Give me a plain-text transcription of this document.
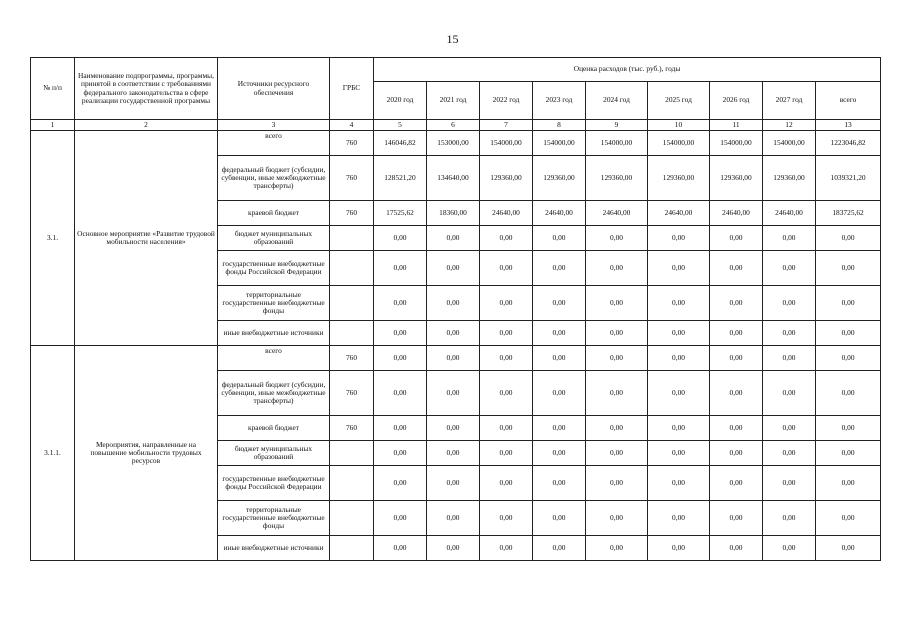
15
№ п/п	Наименование подпрограммы, программы, принятой в соответствии с требованиями федерального законодательства в сфере реализации государственной программы	Источники ресурсного обеспечения	ГРБС	Оценка расходов (тыс. руб.), годы								
				2020 год	2021 год	2022 год	2023 год	2024 год	2025 год	2026 год	2027 год	всего
1	2	3	4	5	6	7	8	9	10	11	12	13
3.1.	Основное мероприятие «Развитие трудовой мобильности населения»	всего	760	146046,82	153000,00	154000,00	154000,00	154000,00	154000,00	154000,00	154000,00	1223046,82
		федеральный бюджет (субсидии, субвенции, иные межбюджетные трансферты)	760	128521,20	134640,00	129360,00	129360,00	129360,00	129360,00	129360,00	129360,00	1039321,20
		краевой бюджет	760	17525,62	18360,00	24640,00	24640,00	24640,00	24640,00	24640,00	24640,00	183725,62
		бюджет муниципальных образований		0,00	0,00	0,00	0,00	0,00	0,00	0,00	0,00	0,00
		государственные внебюджетные фонды Российской Федерации		0,00	0,00	0,00	0,00	0,00	0,00	0,00	0,00	0,00
		территориальные государственные внебюджетные фонды		0,00	0,00	0,00	0,00	0,00	0,00	0,00	0,00	0,00
		иные внебюджетные источники		0,00	0,00	0,00	0,00	0,00	0,00	0,00	0,00	0,00
3.1.1.	Мероприятия, направленные на повышение мобильности трудовых ресурсов	всего	760	0,00	0,00	0,00	0,00	0,00	0,00	0,00	0,00	0,00
		федеральный бюджет (субсидии, субвенции, иные межбюджетные трансферты)	760	0,00	0,00	0,00	0,00	0,00	0,00	0,00	0,00	0,00
		краевой бюджет	760	0,00	0,00	0,00	0,00	0,00	0,00	0,00	0,00	0,00
		бюджет муниципальных образований		0,00	0,00	0,00	0,00	0,00	0,00	0,00	0,00	0,00
		государственные внебюджетные фонды Российской Федерации		0,00	0,00	0,00	0,00	0,00	0,00	0,00	0,00	0,00
		территориальные государственные внебюджетные фонды		0,00	0,00	0,00	0,00	0,00	0,00	0,00	0,00	0,00
		иные внебюджетные источники		0,00	0,00	0,00	0,00	0,00	0,00	0,00	0,00	0,00
